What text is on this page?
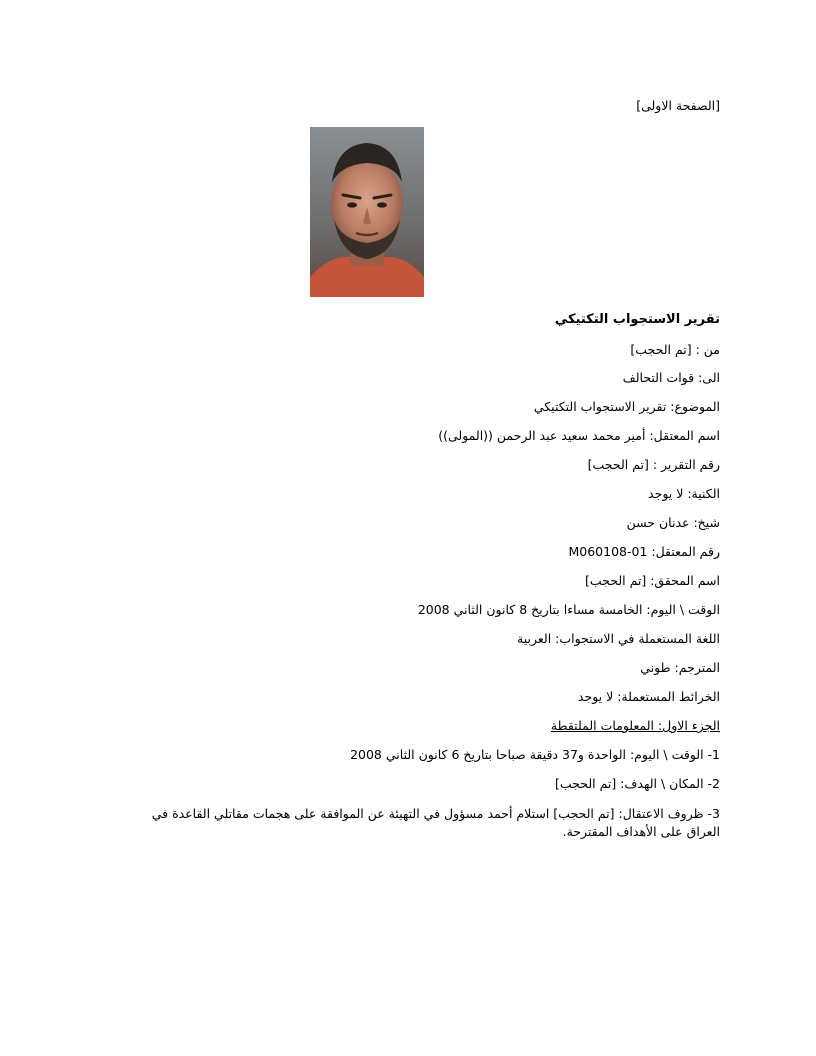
[الصفحة الاولى]
تقرير الاستجواب التكتيكي
من : [تم الحجب]
الى: قوات التحالف
الموضوع: تقرير الاستجواب التكتيكي
اسم المعتقل: أمير محمد سعيد عبد الرحمن ((المولى))
رقم التقرير : [تم الحجب]
الكنية: لا يوجد
شيخ: عدنان حسن
رقم المعتقل: M060108-01
اسم المحقق: [تم الحجب]
الوقت \ اليوم: الخامسة مساءا بتاريخ 8 كانون الثاني 2008
اللغة المستعملة في الاستجواب: العربية
المترجم: طوني
الخرائط المستعملة: لا يوجد
الجزء الاول: المعلومات الملتقطة
1- الوقت \ اليوم: الواحدة و37 دقيقة صباحا بتاريخ 6 كانون الثاني 2008
2- المكان \ الهدف: [تم الحجب]
3- ظروف الاعتقال: [تم الحجب] استلام أحمد مسؤول في التهيئة عن الموافقة على هجمات مقاتلي القاعدة في العراق على الأهداف المقترحة.
